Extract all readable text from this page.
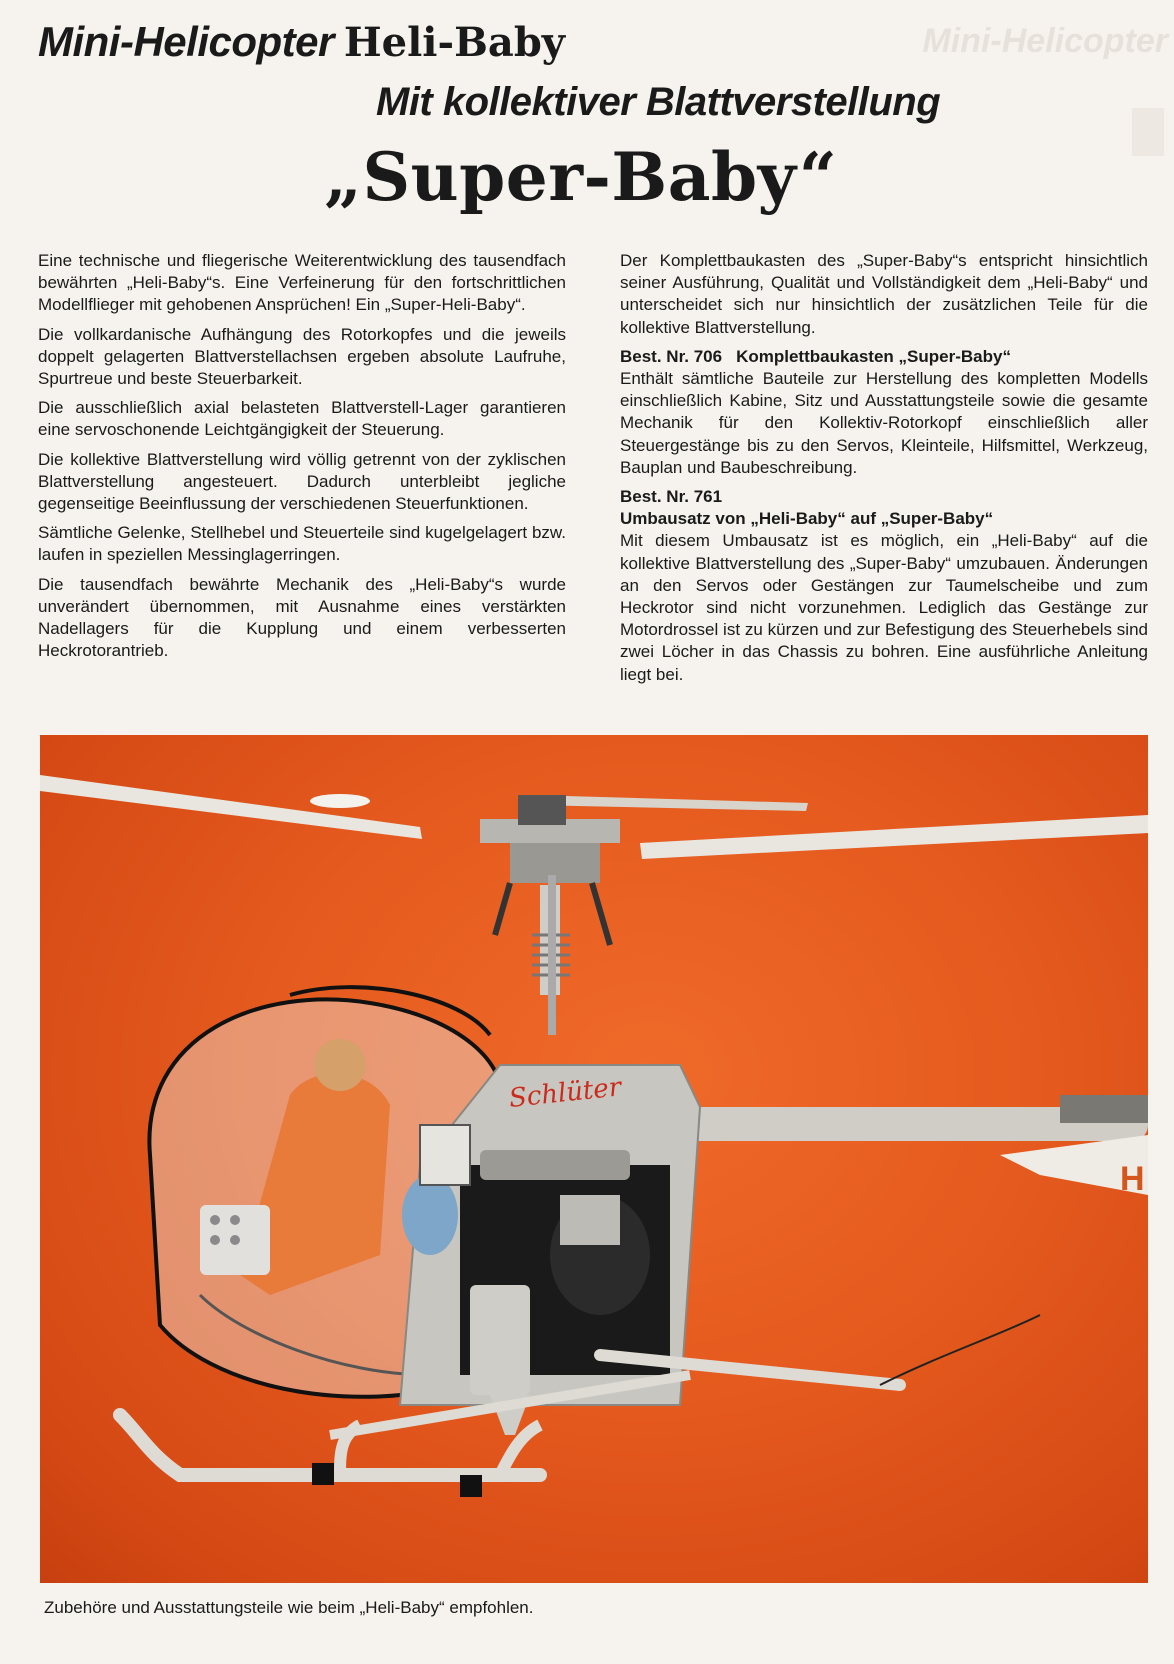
Mini-Helicopter
Mini-Helicopter Heli-Baby
Mit kollektiver Blattverstellung
„Super-Baby“

Eine technische und fliegerische Weiterentwicklung des tausendfach bewährten „Heli-Baby“s. Eine Verfeinerung für den fortschrittlichen Modellflieger mit gehobenen Ansprüchen! Ein „Super-Heli-Baby“.

Die vollkardanische Aufhängung des Rotorkopfes und die jeweils doppelt gelagerten Blattverstellachsen ergeben absolute Laufruhe, Spurtreue und beste Steuerbarkeit.

Die ausschließlich axial belasteten Blattverstell-Lager garantieren eine servoschonende Leichtgängigkeit der Steuerung.

Die kollektive Blattverstellung wird völlig getrennt von der zyklischen Blattverstellung angesteuert. Dadurch unterbleibt jegliche gegenseitige Beeinflussung der verschiedenen Steuerfunktionen.

Sämtliche Gelenke, Stellhebel und Steuerteile sind kugelgelagert bzw. laufen in speziellen Messinglagerringen.

Die tausendfach bewährte Mechanik des „Heli-Baby“s wurde unverändert übernommen, mit Ausnahme eines verstärkten Nadellagers für die Kupplung und einem verbesserten Heckrotorantrieb.

Der Komplettbaukasten des „Super-Baby“s entspricht hinsichtlich seiner Ausführung, Qualität und Vollständigkeit dem „Heli-Baby“ und unterscheidet sich nur hinsichtlich der zusätzlichen Teile für die kollektive Blattverstellung.

Best. Nr. 706 Komplettbaukasten „Super-Baby“

Enthält sämtliche Bauteile zur Herstellung des kompletten Modells einschließlich Kabine, Sitz und Ausstattungsteile sowie die gesamte Mechanik für den Kollektiv-Rotorkopf einschließlich aller Steuergestänge bis zu den Servos, Kleinteile, Hilfsmittel, Werkzeug, Bauplan und Baubeschreibung.

Best. Nr. 761
Umbausatz von „Heli-Baby“ auf „Super-Baby“

Mit diesem Umbausatz ist es möglich, ein „Heli-Baby“ auf die kollektive Blattverstellung des „Super-Baby“ umzubauen. Änderungen an den Servos oder Gestängen zur Taumelscheibe und zum Heckrotor sind nicht vorzunehmen. Lediglich das Gestänge zur Motordrossel ist zu kürzen und zur Befestigung des Steuerhebels sind zwei Löcher in das Chassis zu bohren. Eine ausführliche Anleitung liegt bei.

H
Schlüter
Zubehöre und Ausstattungsteile wie beim „Heli-Baby“ empfohlen.
